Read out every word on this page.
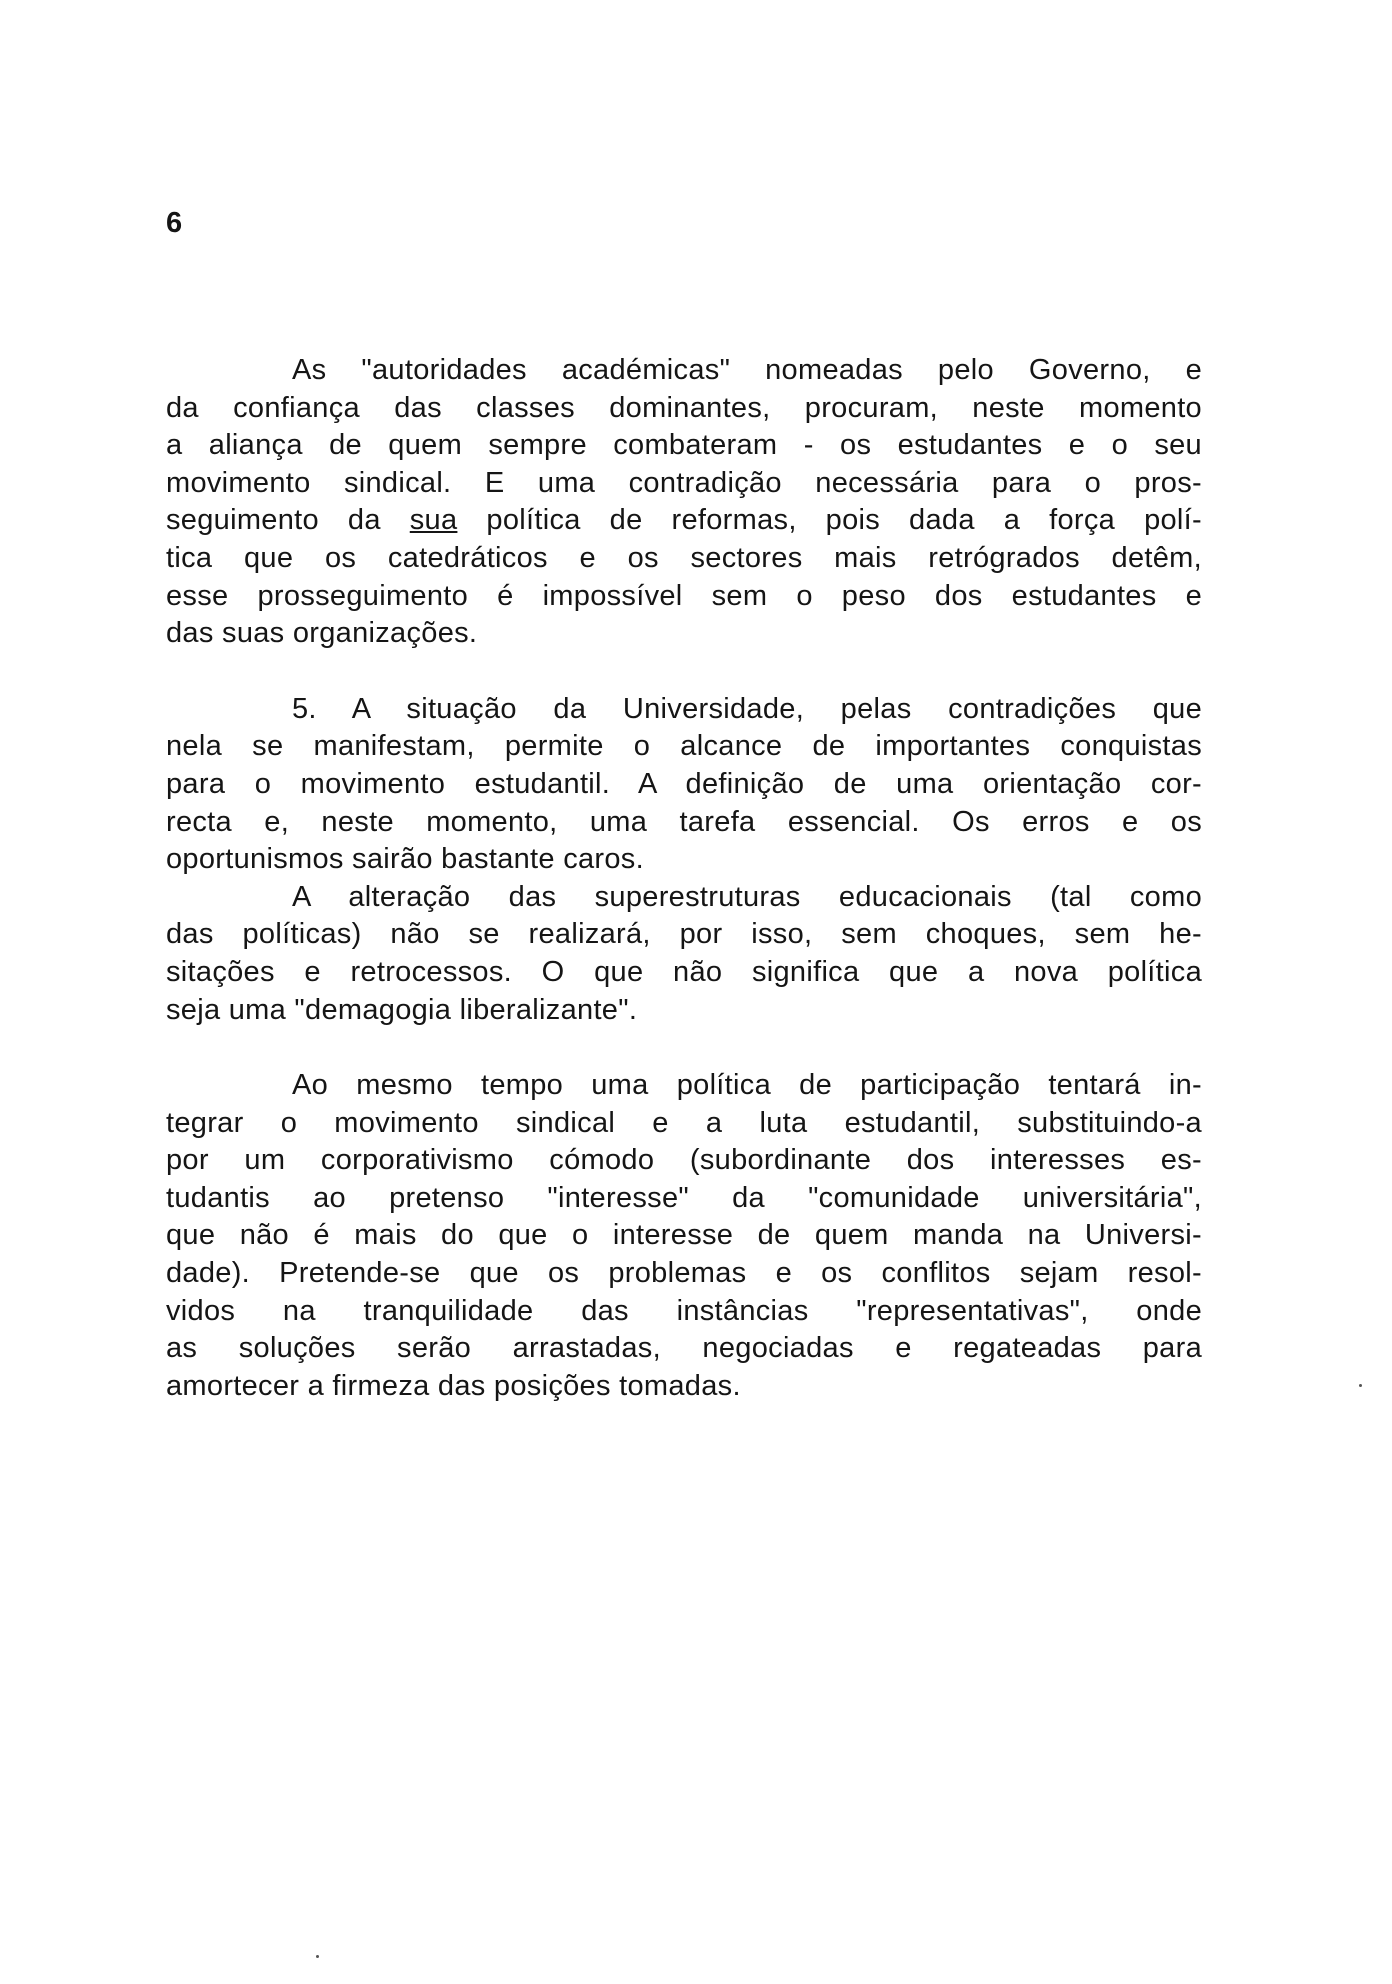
6
As "autoridades académicas" nomeadas pelo Governo, e
da confiança das classes dominantes, procuram, neste momento
a aliança de quem sempre combateram - os estudantes e o seu
movimento sindical. E uma contradição necessária para o pros-
seguimento da sua política de reformas, pois dada a força polí-
tica que os catedráticos e os sectores mais retrógrados detêm,
esse prosseguimento é impossível sem o peso dos estudantes e
das suas organizações.
5. A situação da Universidade, pelas contradições que
nela se manifestam, permite o alcance de importantes conquistas
para o movimento estudantil. A definição de uma orientação cor-
recta e, neste momento, uma tarefa essencial. Os erros e os
oportunismos sairão bastante caros.
A alteração das superestruturas educacionais (tal como
das políticas) não se realizará, por isso, sem choques, sem he-
sitações e retrocessos. O que não significa que a nova política
seja uma "demagogia liberalizante".
Ao mesmo tempo uma política de participação tentará in-
tegrar o movimento sindical e a luta estudantil, substituindo-a
por um corporativismo cómodo (subordinante dos interesses es-
tudantis ao pretenso "interesse" da "comunidade universitária",
que não é mais do que o interesse de quem manda na Universi-
dade). Pretende-se que os problemas e os conflitos sejam resol-
vidos na tranquilidade das instâncias "representativas", onde
as soluções serão arrastadas, negociadas e regateadas para
amortecer a firmeza das posições tomadas.
